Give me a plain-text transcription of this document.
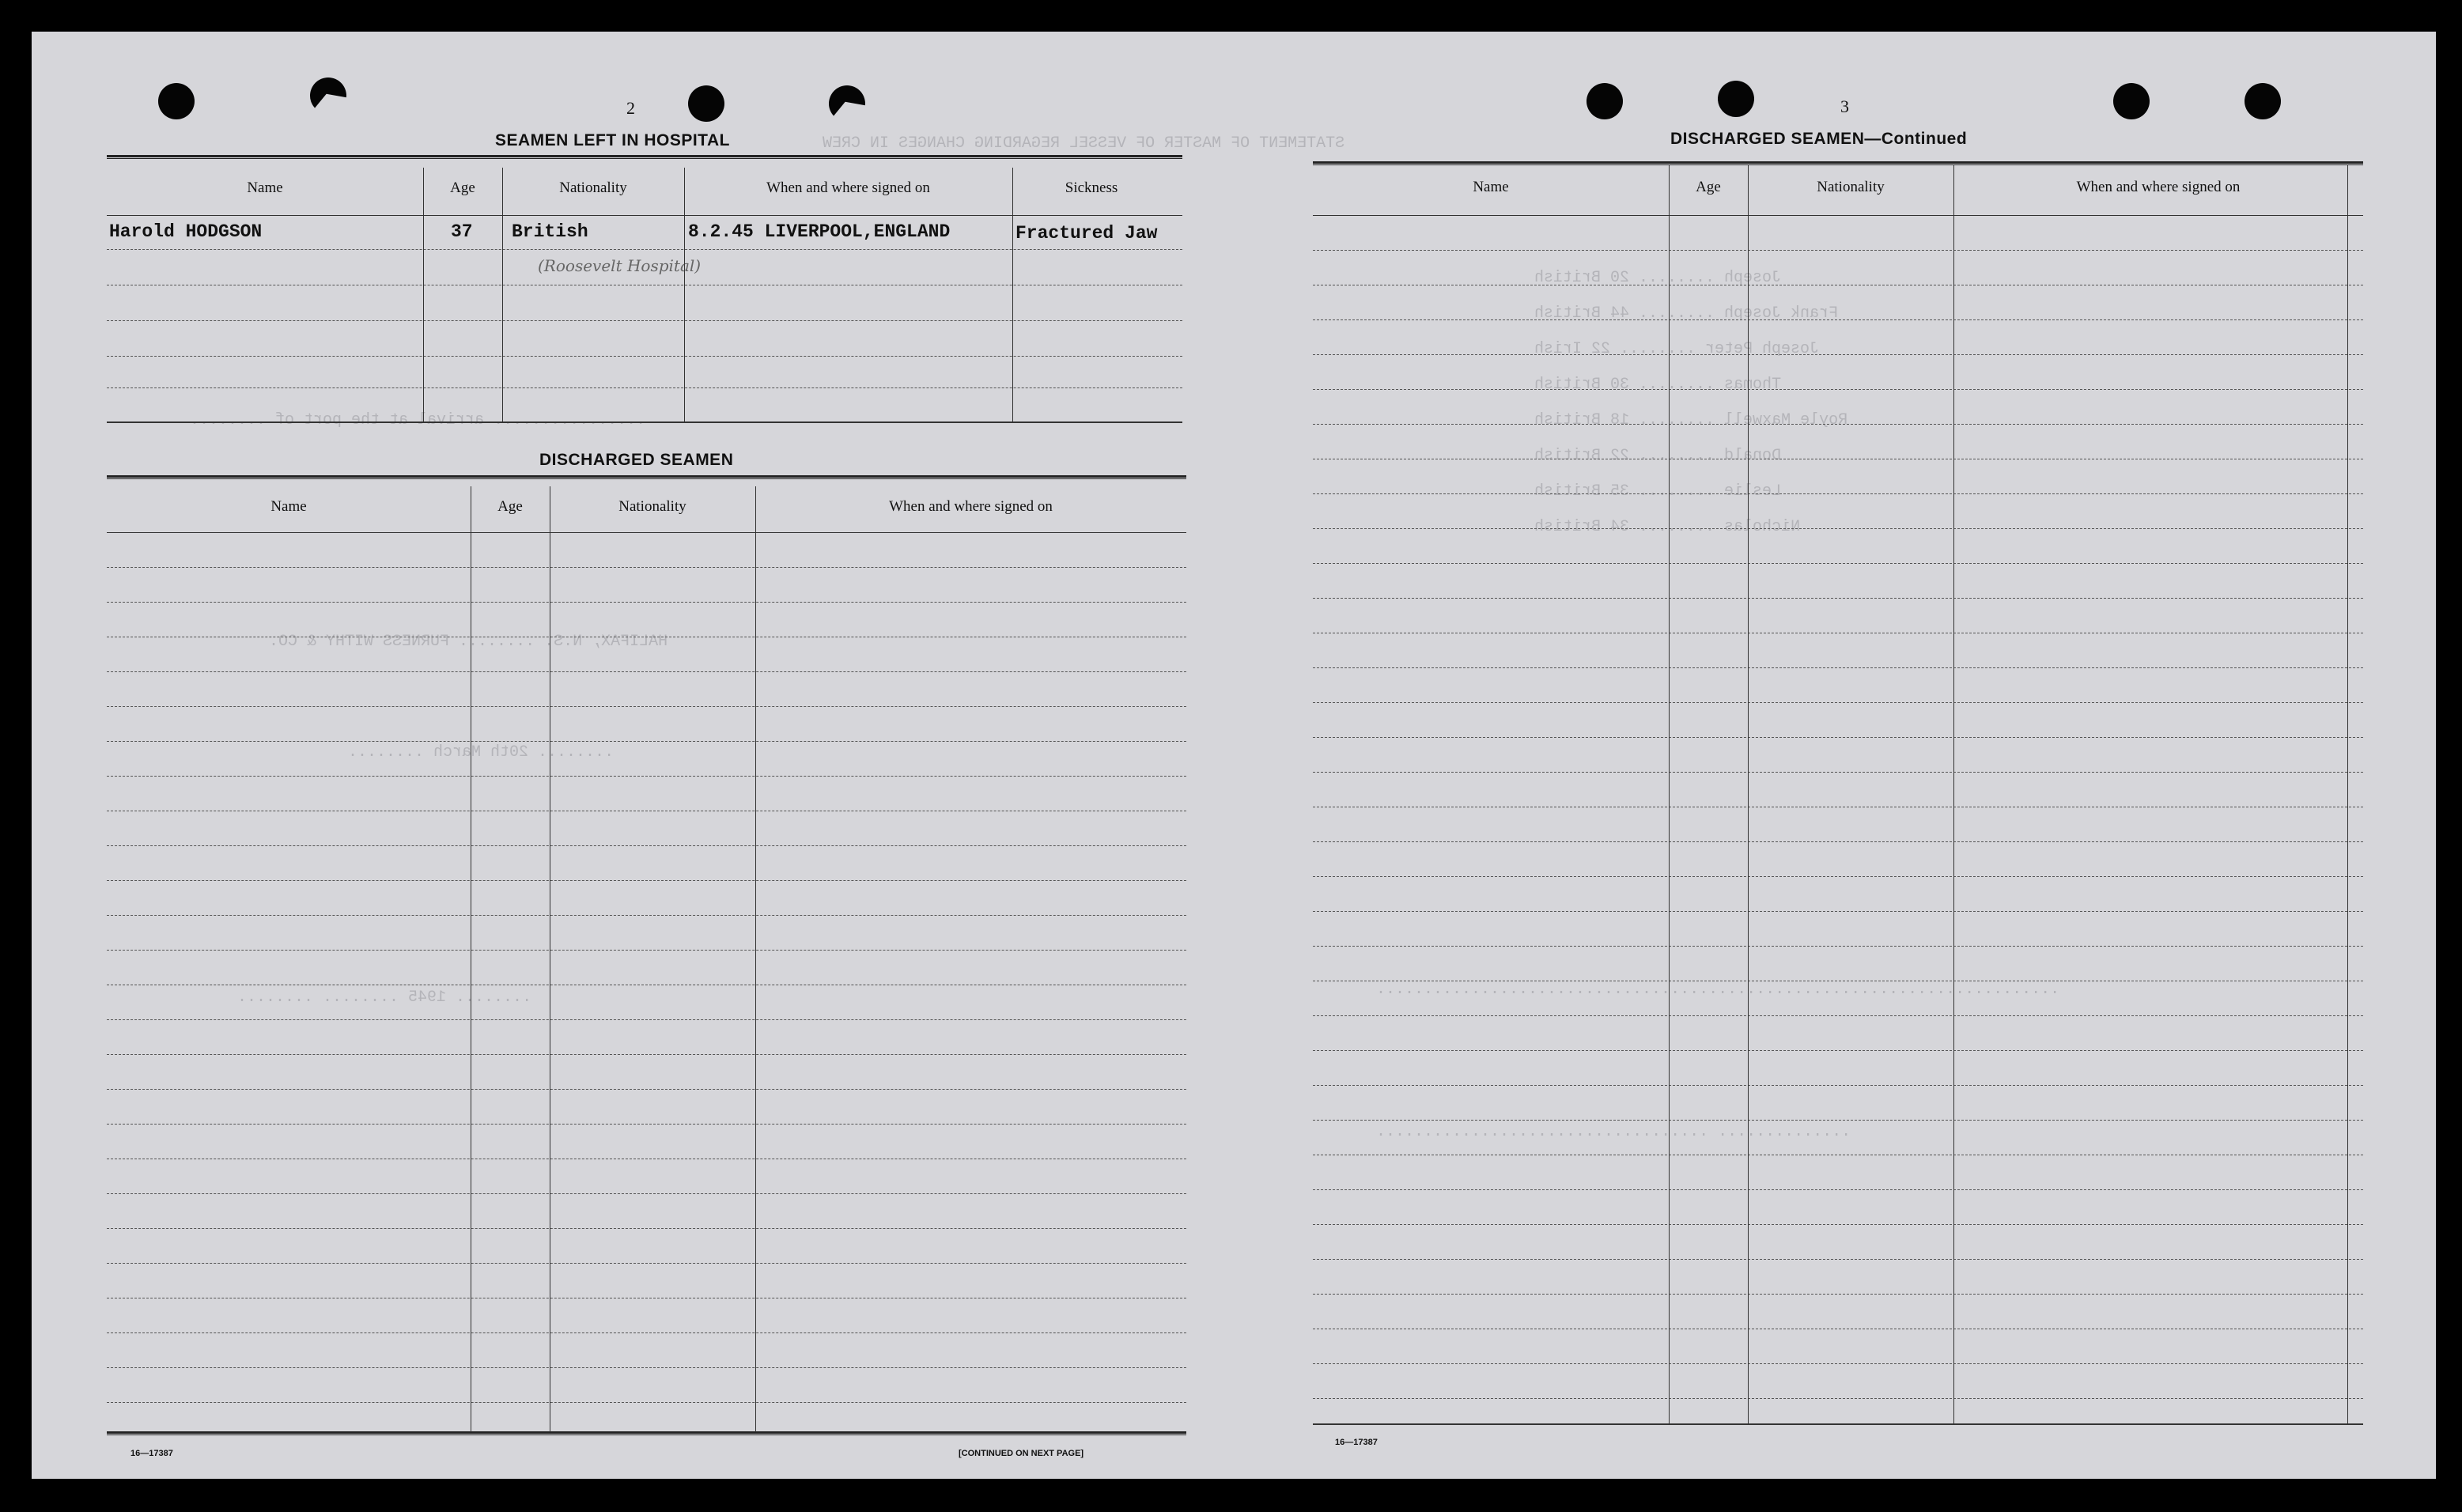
STATEMENT OF MASTER OF VESSEL REGARDING CHANGES IN CREW
Joseph ........ 20 British
Frank Joseph ........ 44 British
Joseph Peter ........ 22 Irish
Thomas ........ 30 British
Royle Maxwell ........ 18 British
Donald ........ 22 British
Leslie ........ 35 British
Nicholas ........ 34 British
................ arrival at the port of ........
HALIFAX, N.S. ........ FURNESS WITHY & CO.
........ 20th March ........
........ 1945 ........ ........	........................................................................
.............. ...................................
2
SEAMEN LEFT IN HOSPITAL
Name	Age	Nationality	When and where signed on	Sickness
Harold HODGSON	37 British	8.2.45 LIVERPOOL,ENGLAND	Fractured Jaw
(Roosevelt Hospital)
DISCHARGED SEAMEN
Name	Age	Nationality	When and where signed on
16—17387	[CONTINUED ON NEXT PAGE]
3
DISCHARGED SEAMEN—Continued
Name	Age	Nationality	When and where signed on
16—17387
